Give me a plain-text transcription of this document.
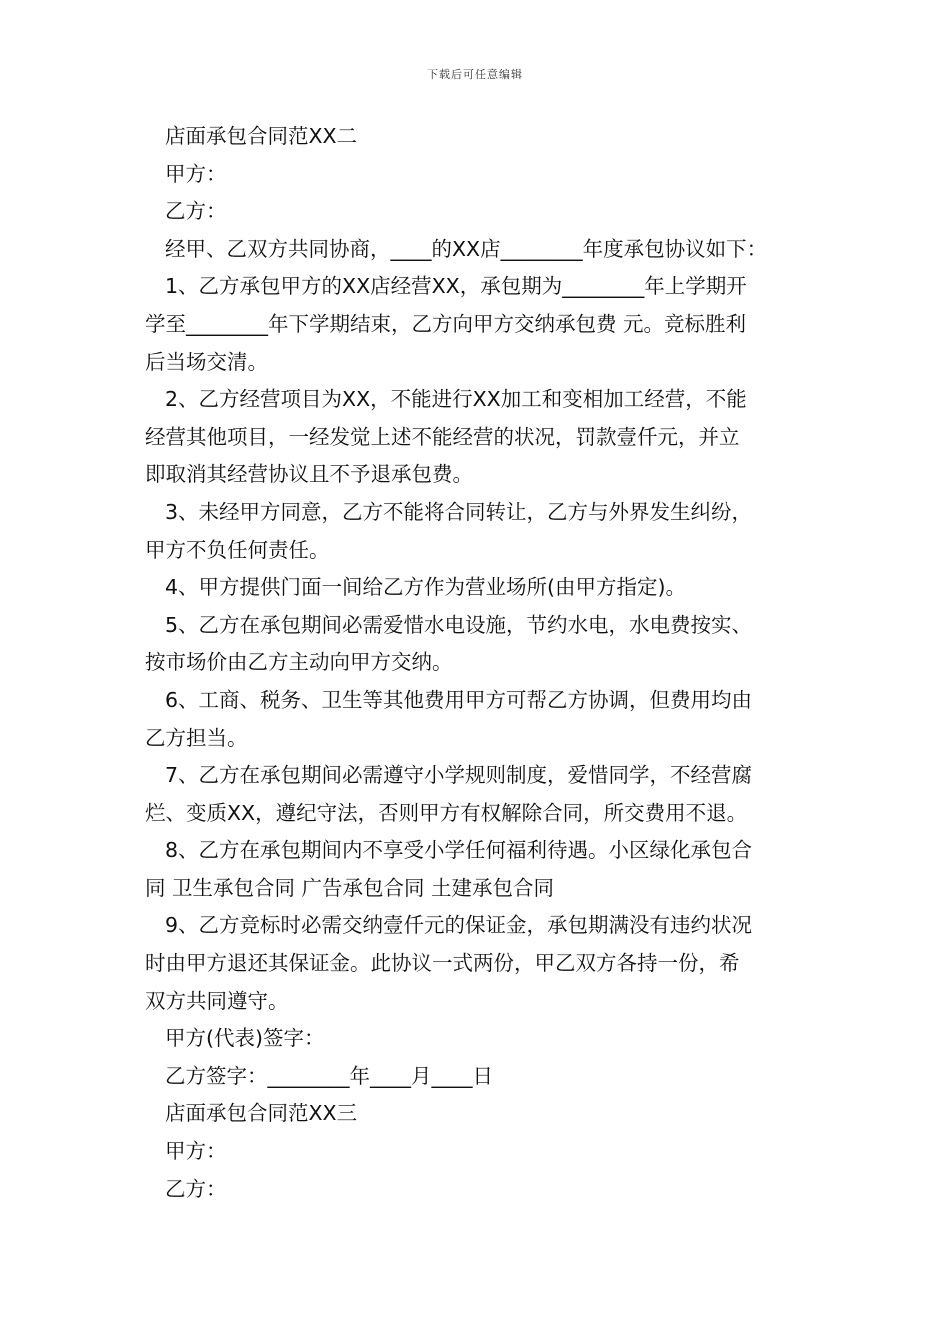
下载后可任意编辑
店面承包合同范XX二
甲方：
乙方：
经甲、乙双方共同协商，____的XX店________年度承包协议如下：
1、乙方承包甲方的XX店经营XX，承包期为________年上学期开
学至________年下学期结束，乙方向甲方交纳承包费 元。竞标胜利
后当场交清。
2、乙方经营项目为XX，不能进行XX加工和变相加工经营，不能
经营其他项目，一经发觉上述不能经营的状况，罚款壹仟元，并立
即取消其经营协议且不予退承包费。
3、未经甲方同意，乙方不能将合同转让，乙方与外界发生纠纷，
甲方不负任何责任。
4、甲方提供门面一间给乙方作为营业场所(由甲方指定)。
5、乙方在承包期间必需爱惜水电设施，节约水电，水电费按实、
按市场价由乙方主动向甲方交纳。
6、工商、税务、卫生等其他费用甲方可帮乙方协调，但费用均由
乙方担当。
7、乙方在承包期间必需遵守小学规则制度，爱惜同学，不经营腐
烂、变质XX，遵纪守法，否则甲方有权解除合同，所交费用不退。
8、乙方在承包期间内不享受小学任何福利待遇。小区绿化承包合
同 卫生承包合同 广告承包合同 土建承包合同
9、乙方竞标时必需交纳壹仟元的保证金，承包期满没有违约状况
时由甲方退还其保证金。此协议一式两份，甲乙双方各持一份，希
双方共同遵守。
甲方(代表)签字：
乙方签字：________年____月____日
店面承包合同范XX三
甲方：
乙方：
